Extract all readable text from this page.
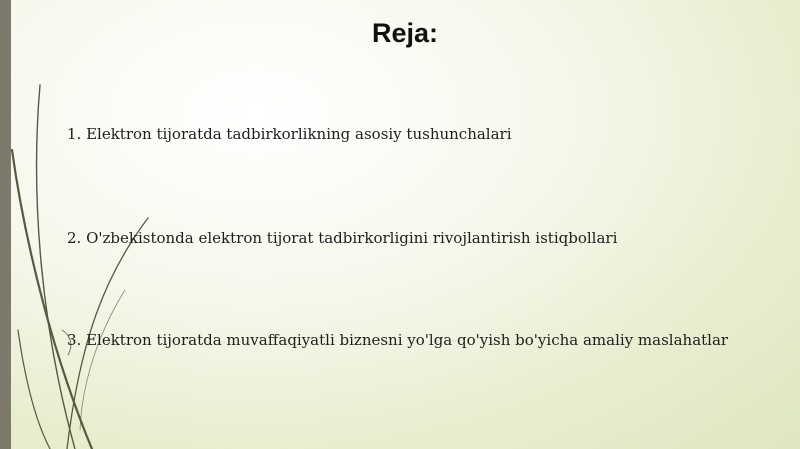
Reja:
1. Elektron tijoratda tadbirkorlikning asosiy tushunchalari
2. O'zbekistonda elektron tijorat tadbirkorligini rivojlantirish istiqbollari
3. Elektron tijoratda muvaffaqiyatli biznesni yo'lga qo'yish bo'yicha amaliy maslahatlar
